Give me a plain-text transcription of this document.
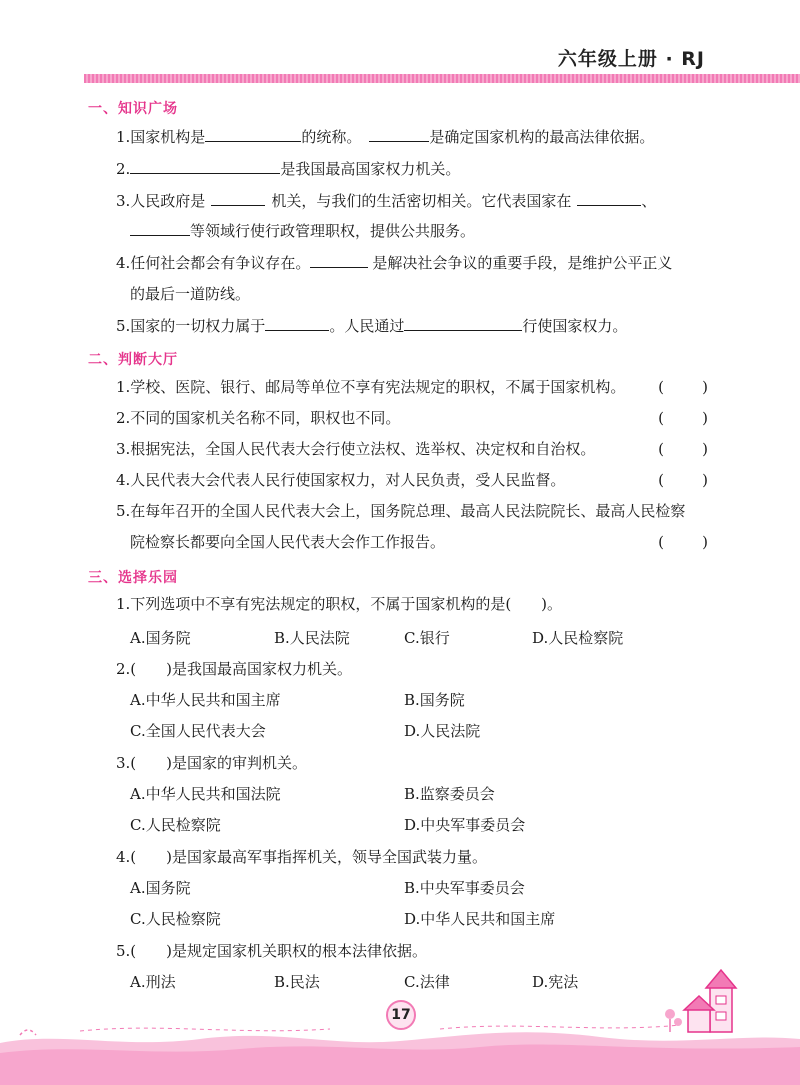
六年级上册 · RJ
一、知识广场
1.国家机构是	的统称。	是确定国家机构的最高法律依据。
2.	是我国最高国家权力机关。
3.人民政府是	机关，与我们的生活密切相关。它代表国家在	、
等领域行使行政管理职权，提供公共服务。
4.任何社会都会有争议存在。	是解决社会争议的重要手段，是维护公平正义
的最后一道防线。
5.国家的一切权力属于	。人民通过	行使国家权力。
二、判断大厅
1.学校、医院、银行、邮局等单位不享有宪法规定的职权，不属于国家机构。 (	)
2.不同的国家机关名称不同，职权也不同。	(	)
3.根据宪法，全国人民代表大会行使立法权、选举权、决定权和自治权。	(	)
4.人民代表大会代表人民行使国家权力，对人民负责，受人民监督。	(	)
5.在每年召开的全国人民代表大会上，国务院总理、最高人民法院院长、最高人民检察
院检察长都要向全国人民代表大会作工作报告。	(	)
三、选择乐园
1.下列选项中不享有宪法规定的职权，不属于国家机构的是(　　)。
A.国务院	B.人民法院	C.银行	D.人民检察院
2.(　　)是我国最高国家权力机关。
A.中华人民共和国主席	B.国务院
C.全国人民代表大会	D.人民法院
3.(　　)是国家的审判机关。
A.中华人民共和国法院	B.监察委员会
C.人民检察院	D.中央军事委员会
4.(　　)是国家最高军事指挥机关，领导全国武装力量。
A.国务院	B.中央军事委员会
C.人民检察院	D.中华人民共和国主席
5.(　　)是规定国家机关职权的根本法律依据。
A.刑法	B.民法	C.法律	D.宪法
17
